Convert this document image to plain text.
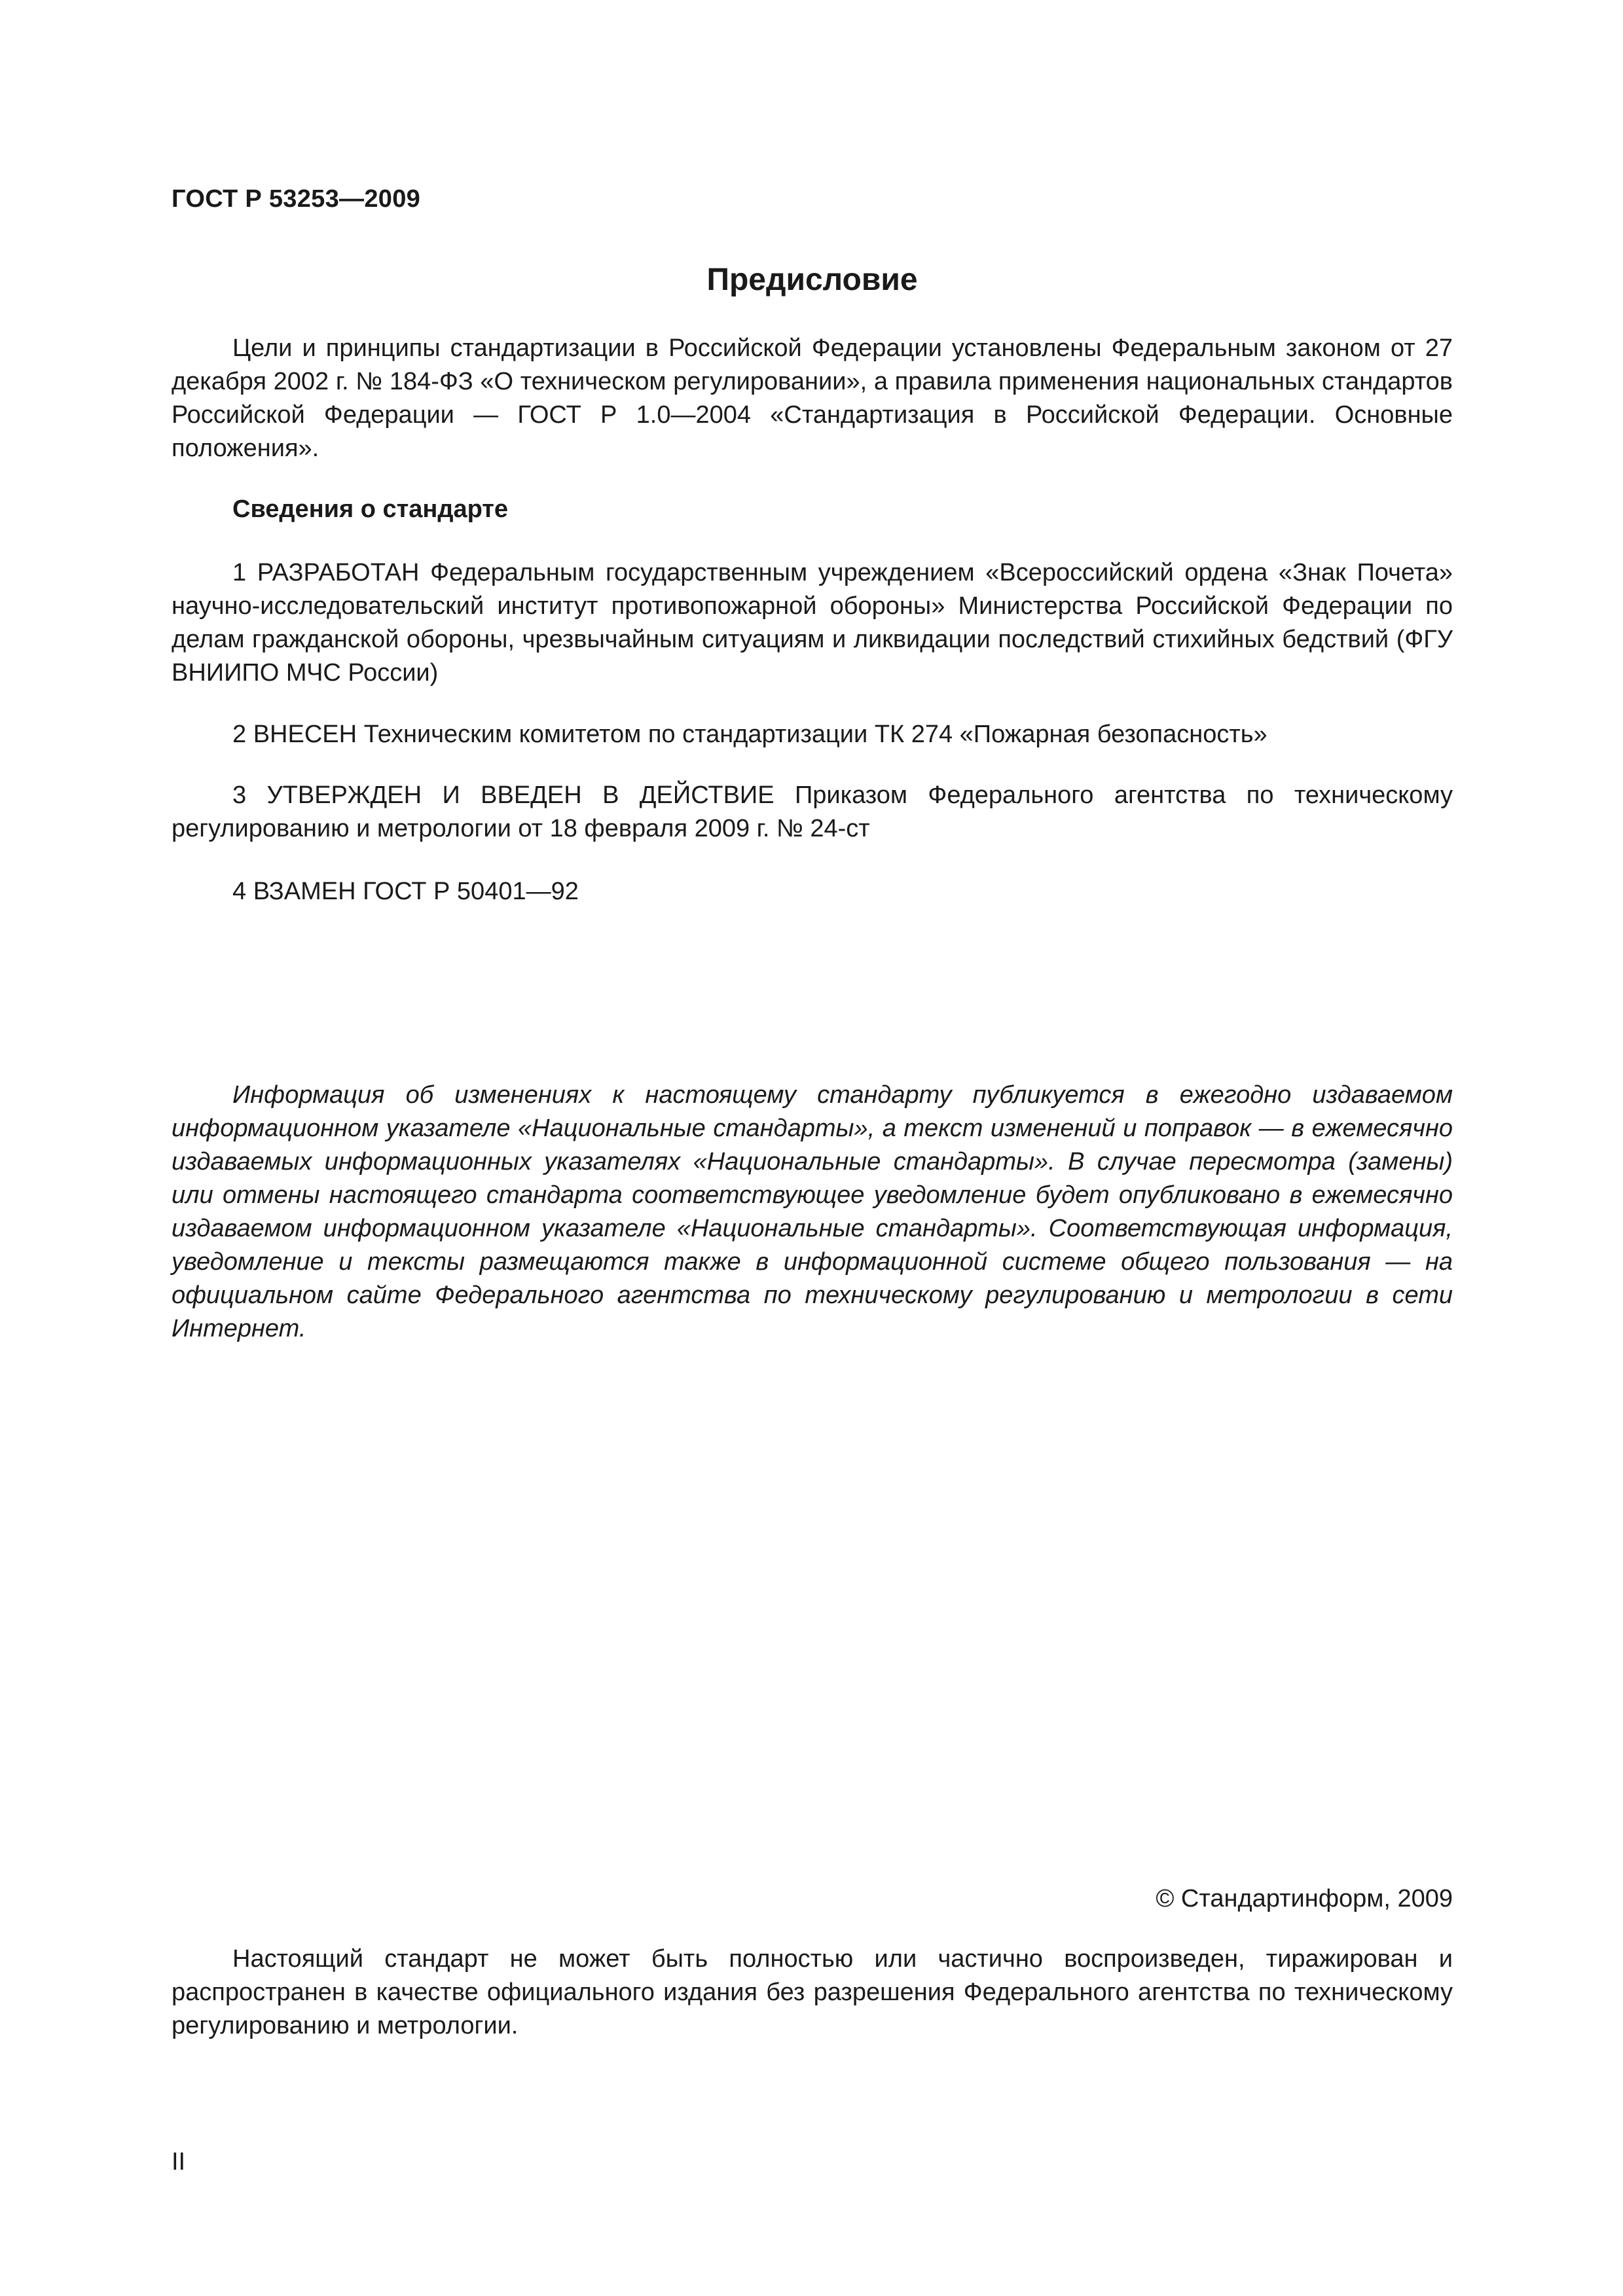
ГОСТ Р 53253—2009
Предисловие

Цели и принципы стандартизации в Российской Федерации установлены Федеральным законом от 27 декабря 2002 г. № 184-ФЗ «О техническом регулировании», а правила применения национальных стандартов Российской Федерации — ГОСТ Р 1.0—2004 «Стандартизация в Российской Федерации. Основные положения».

Сведения о стандарте

1 РАЗРАБОТАН Федеральным государственным учреждением «Всероссийский ордена «Знак Почета» научно-исследовательский институт противопожарной обороны» Министерства Российской Федерации по делам гражданской обороны, чрезвычайным ситуациям и ликвидации последствий стихийных бедствий (ФГУ ВНИИПО МЧС России)

2 ВНЕСЕН Техническим комитетом по стандартизации ТК 274 «Пожарная безопасность»

3 УТВЕРЖДЕН И ВВЕДЕН В ДЕЙСТВИЕ Приказом Федерального агентства по техническому регулированию и метрологии от 18 февраля 2009 г. № 24-ст

4 ВЗАМЕН ГОСТ Р 50401—92

Информация об изменениях к настоящему стандарту публикуется в ежегодно издаваемом информационном указателе «Национальные стандарты», а текст изменений и поправок — в ежемесячно издаваемых информационных указателях «Национальные стандарты». В случае пересмотра (замены) или отмены настоящего стандарта соответствующее уведомление будет опубликовано в ежемесячно издаваемом информационном указателе «Национальные стандарты». Соответствующая информация, уведомление и тексты размещаются также в информационной системе общего пользования — на официальном сайте Федерального агентства по техническому регулированию и метрологии в сети Интернет.

© Стандартинформ, 2009

Настоящий стандарт не может быть полностью или частично воспроизведен, тиражирован и распространен в качестве официального издания без разрешения Федерального агентства по техническому регулированию и метрологии.

II
